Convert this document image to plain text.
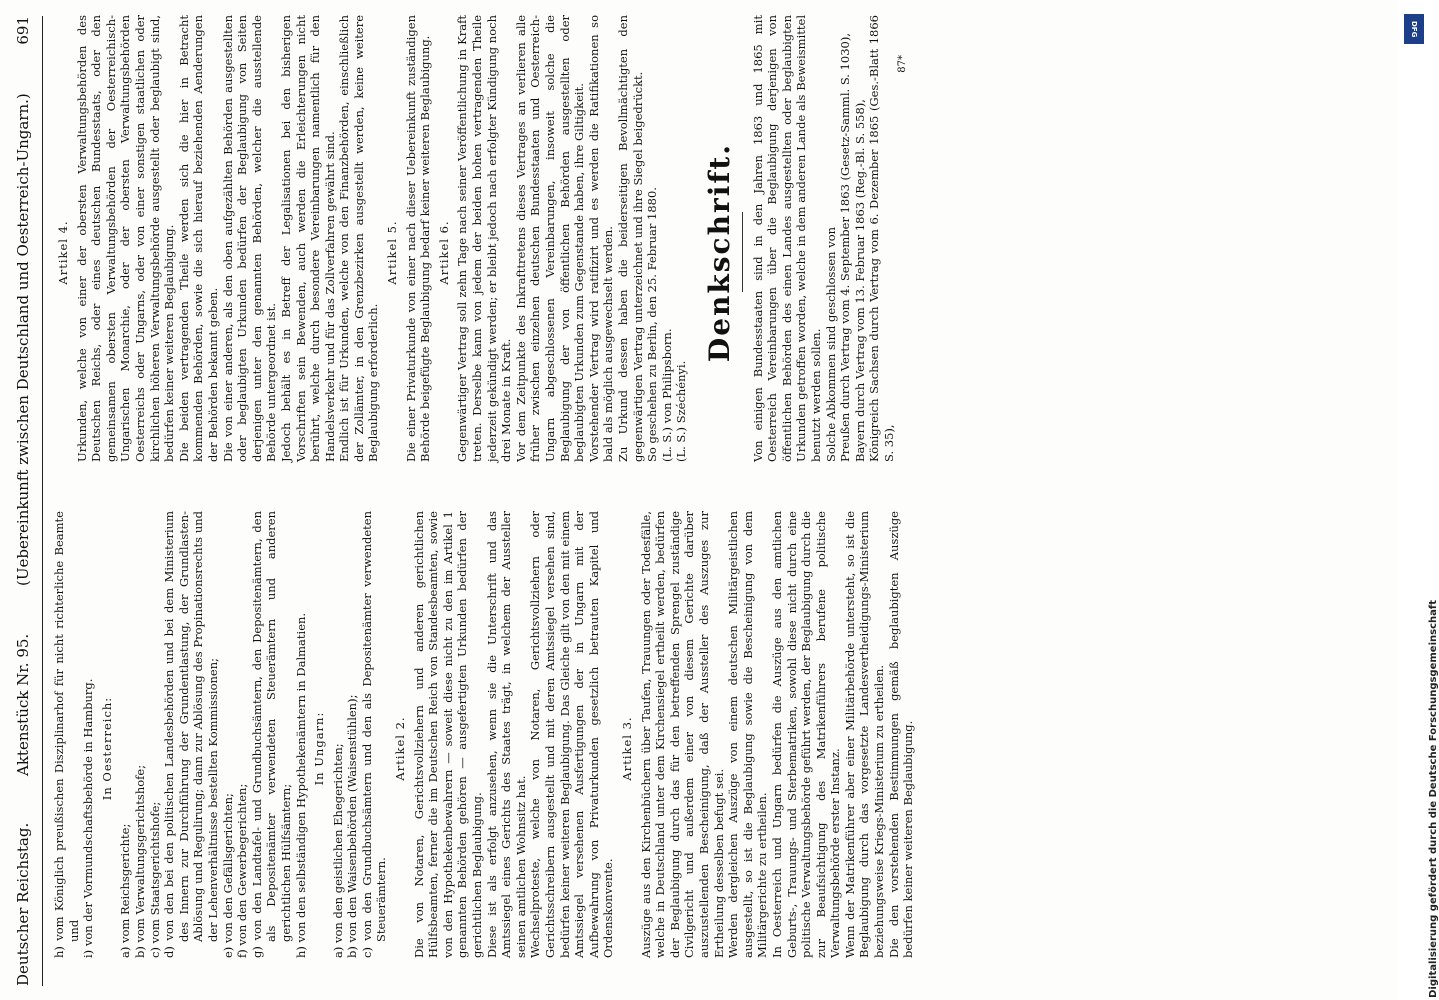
Deutscher Reichstag.
Aktenstück Nr. 95.
(Uebereinkunft zwischen Deutschland und Oesterreich-Ungarn.)
691

h) vom Königlich preußischen Disziplinarhof für nicht richterliche Beamte und i) von der Vormundschaftsbehörde in Hamburg. In Oesterreich:

a) vom Reichsgerichte; b) vom Verwaltungsgerichtshofe; c) vom Staatsgerichtshofe; d) von den bei den politischen Landesbehörden und bei dem Ministerium des Innern zur Durchführung der Grundentlastung, der Grundlasten-Ablösung und Regulirung; dann zur Ablösung des Propinationsrechts und der Lehenverhältnisse bestellten Kommissionen; e) von den Gefällsgerichten; f) von den Gewerbegerichten; g) von den Landtafel- und Grundbuchsämtern, den Depositenämtern, den als Depositenämter verwendeten Steuerämtern und anderen gerichtlichen Hülfsämtern; h) von den selbständigen Hypothekenämtern in Dalmatien. In Ungarn: a) von den geistlichen Ehegerichten; b) von den Waisenbehörden (Waisenstühlen); c) von den Grundbuchsämtern und den als Depositenämter verwendeten Steuerämtern.

Artikel 2. Die von Notaren, Gerichtsvollziehern und anderen gerichtlichen Hülfsbeamten, ferner die im Deutschen Reich von Standesbeamten, sowie von den Hypothekenbewahrern — soweit diese nicht zu den im Artikel 1 genannten Behörden gehören — ausgefertigten Urkunden bedürfen der gerichtlichen Beglaubigung. Diese ist als erfolgt anzusehen, wenn sie die Unterschrift und das Amtssiegel eines Gerichts des Staates trägt, in welchem der Aussteller seinen amtlichen Wohnsitz hat. Wechselproteste, welche von Notaren, Gerichtsvollziehern oder Gerichtsschreibern ausgestellt und mit deren Amtssiegel versehen sind, bedürfen keiner weiteren Beglaubigung. Das Gleiche gilt von den mit einem Amtssiegel versehenen Ausfertigungen der in Ungarn mit der Aufbewahrung von Privaturkunden gesetzlich betrauten Kapitel und Ordenskonvente.

Artikel 3. Auszüge aus den Kirchenbüchern über Taufen, Trauungen oder Todesfälle, welche in Deutschland unter dem Kirchensiegel ertheilt werden, bedürfen der Beglaubigung durch das für den betreffenden Sprengel zuständige Civilgericht und außerdem einer von diesem Gerichte darüber auszustellenden Bescheinigung, daß der Aussteller des Auszuges zur Ertheilung desselben befugt sei. Werden dergleichen Auszüge von einem deutschen Militärgeistlichen ausgestellt, so ist die Beglaubigung sowie die Bescheinigung von dem Militärgerichte zu ertheilen. In Oesterreich und Ungarn bedürfen die Auszüge aus den amtlichen Geburts-, Trauungs- und Sterbematriken, sowohl diese nicht durch eine politische Verwaltungsbehörde geführt werden, der Beglaubigung durch die zur Beaufsichtigung des Matrikenführers berufene politische Verwaltungsbehörde erster Instanz. Wenn der Matrikenführer aber einer Militärbehörde untersteht, so ist die Beglaubigung durch das vorgesetzte Landesvertheidigungs-Ministerium beziehungsweise Kriegs-Ministerium zu ertheilen. Die den vorstehenden Bestimmungen gemäß beglaubigten Auszüge bedürfen keiner weiteren Beglaubigung.

Artikel 4. Urkunden, welche von einer der obersten Verwaltungsbehörden des Deutschen Reichs, oder eines deutschen Bundesstaats, oder den gemeinsamen obersten Verwaltungsbehörden der Oesterreichisch-Ungarischen Monarchie, oder der obersten Verwaltungsbehörden Oesterreichs oder Ungarns, oder von einer sonstigen staatlichen oder kirchlichen höheren Verwaltungsbehörde ausgestellt oder beglaubigt sind, bedürfen keiner weiteren Beglaubigung. Die beiden vertragenden Theile werden sich die hier in Betracht kommenden Behörden, sowie die sich hierauf beziehenden Aenderungen der Behörden bekannt geben. Die von einer anderen, als den oben aufgezählten Behörden ausgestellten oder beglaubigten Urkunden bedürfen der Beglaubigung von Seiten derjenigen unter den genannten Behörden, welcher die ausstellende Behörde untergeordnet ist. Jedoch behält es in Betreff der Legalisationen bei den bisherigen Vorschriften sein Bewenden, auch werden die Erleichterungen nicht berührt, welche durch besondere Vereinbarungen namentlich für den Handelsverkehr und für das Zollverfahren gewährt sind. Endlich ist für Urkunden, welche von den Finanzbehörden, einschließlich der Zollämter, in den Grenzbezirken ausgestellt werden, keine weitere Beglaubigung erforderlich.

Artikel 5. Die einer Privaturkunde von einer nach dieser Uebereinkunft zuständigen Behörde beigefügte Beglaubigung bedarf keiner weiteren Beglaubigung. Artikel 6. Gegenwärtiger Vertrag soll zehn Tage nach seiner Veröffentlichung in Kraft treten. Derselbe kann von jedem der beiden hohen vertragenden Theile jederzeit gekündigt werden; er bleibt jedoch nach erfolgter Kündigung noch drei Monate in Kraft. Vor dem Zeitpunkte des Inkrafttretens dieses Vertrages an verlieren alle früher zwischen einzelnen deutschen Bundesstaaten und Oesterreich-Ungarn abgeschlossenen Vereinbarungen, insoweit solche die Beglaubigung der von öffentlichen Behörden ausgestellten oder beglaubigten Urkunden zum Gegenstande haben, ihre Giltigkeit. Vorstehender Vertrag wird ratifizirt und es werden die Ratifikationen so bald als möglich ausgewechselt werden. Zu Urkund dessen haben die beiderseitigen Bevollmächtigten den gegenwärtigen Vertrag unterzeichnet und ihre Siegel beigedrückt. So geschehen zu Berlin, den 25. Februar 1880. (L. S.) von Philipsborn. (L. S.) Széchényi.

Denkschrift. Von einigen Bundesstaaten sind in den Jahren 1863 und 1865 mit Oesterreich Vereinbarungen über die Beglaubigung derjenigen von öffentlichen Behörden des einen Landes ausgestellten oder beglaubigten Urkunden getroffen worden, welche in dem anderen Lande als Beweismittel benutzt werden sollen. Solche Abkommen sind geschlossen von Preußen durch Vertrag vom 4. September 1863 (Gesetz-Samml. S. 1030), Bayern durch Vertrag vom 13. Februar 1863 (Reg.-Bl. S. 558), Königreich Sachsen durch Vertrag vom 6. Dezember 1865 (Ges.-Blatt 1866 S. 35),

87*

DFG
Digitalisierung gefördert durch die Deutsche Forschungsgemeinschaft
